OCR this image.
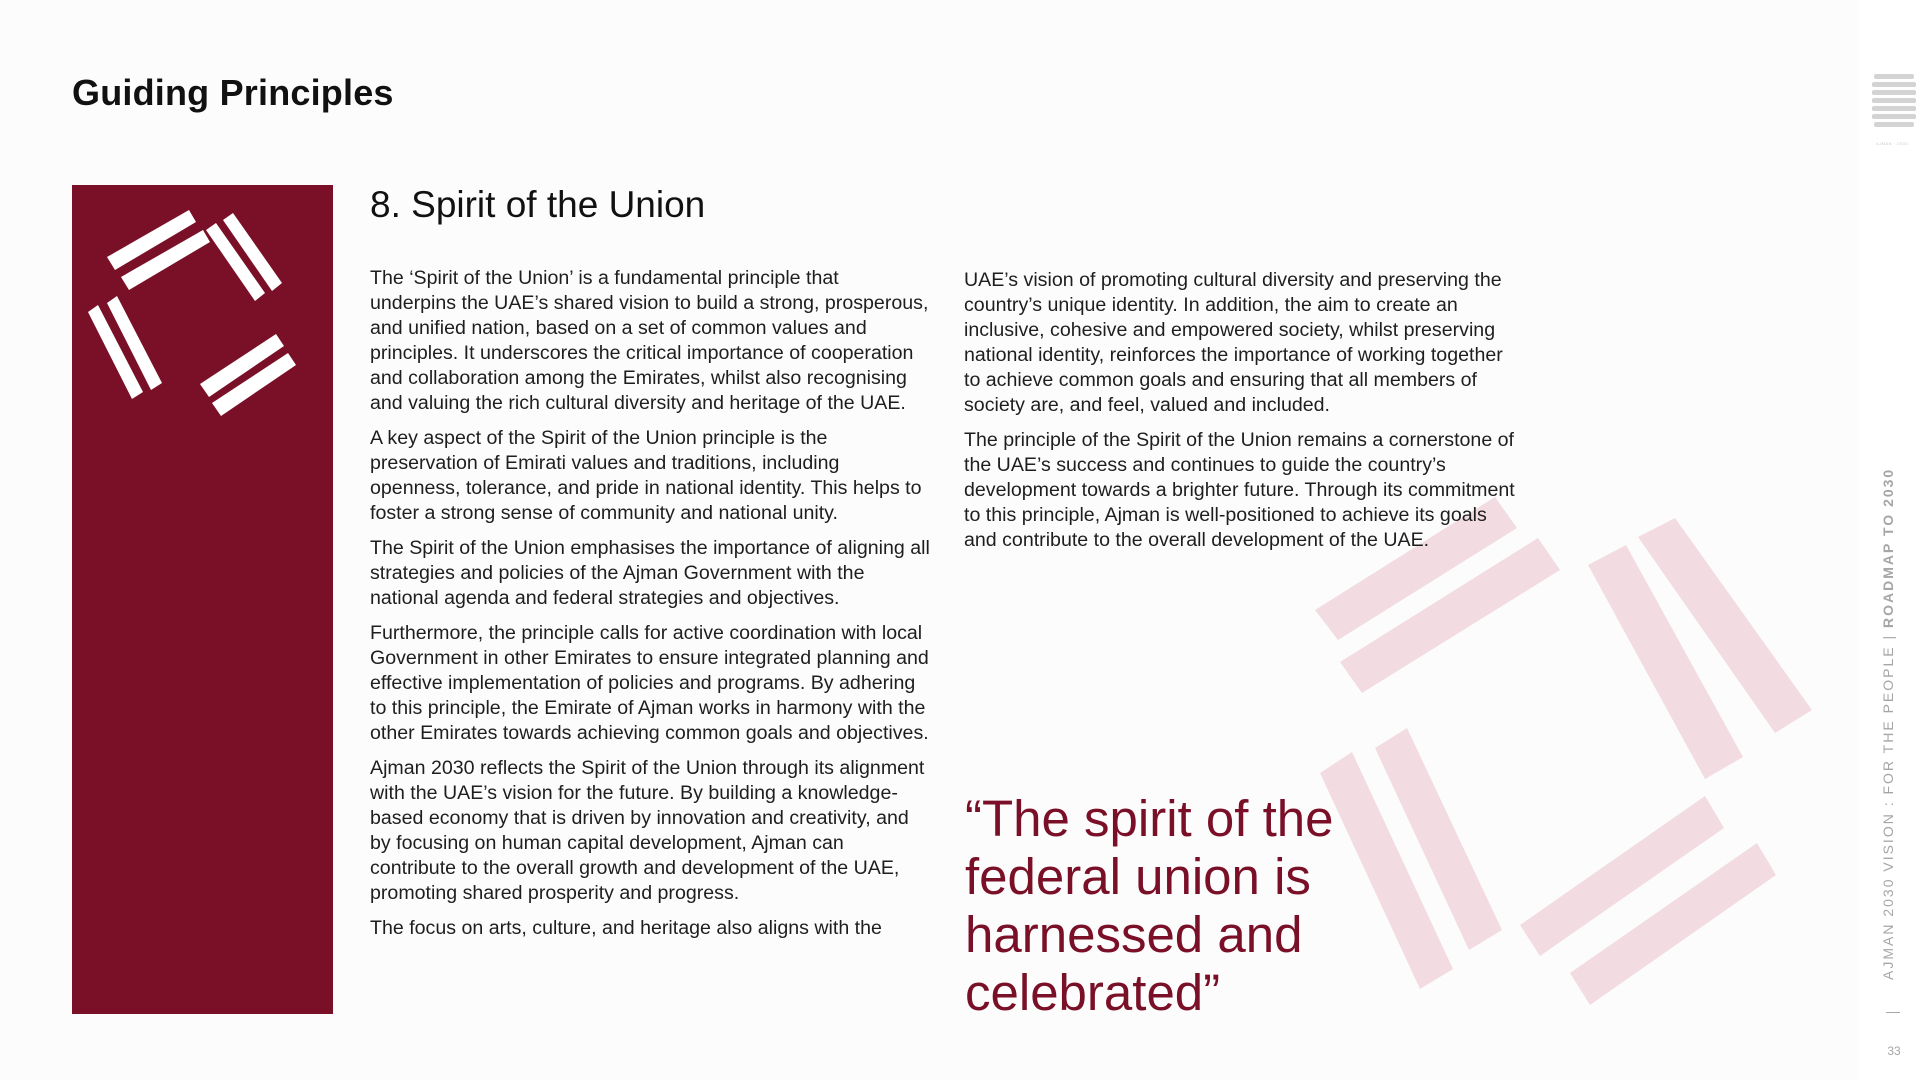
Guiding Principles
8. Spirit of the Union

The ‘Spirit of the Union’ is a fundamental principle that underpins the UAE’s shared vision to build a strong, prosperous, and unified nation, based on a set of common values and principles. It underscores the critical importance of cooperation and collaboration among the Emirates, whilst also recognising and valuing the rich cultural diversity and heritage of the UAE.

A key aspect of the Spirit of the Union principle is the preservation of Emirati values and traditions, including openness, tolerance, and pride in national identity. This helps to foster a strong sense of community and national unity.

The Spirit of the Union emphasises the importance of aligning all strategies and policies of the Ajman Government with the national agenda and federal strategies and objectives.

Furthermore, the principle calls for active coordination with local Government in other Emirates to ensure integrated planning and effective implementation of policies and programs. By adhering to this principle, the Emirate of Ajman works in harmony with the other Emirates towards achieving common goals and objectives.

Ajman 2030 reflects the Spirit of the Union through its alignment with the UAE’s vision for the future. By building a knowledge-based economy that is driven by innovation and creativity, and by focusing on human capital development, Ajman can contribute to the overall growth and development of the UAE, promoting shared prosperity and progress.

The focus on arts, culture, and heritage also aligns with the

UAE’s vision of promoting cultural diversity and preserving the country’s unique identity. In addition, the aim to create an inclusive, cohesive and empowered society, whilst preserving national identity, reinforces the importance of working together to achieve common goals and ensuring that all members of society are, and feel, valued and included.

The principle of the Spirit of the Union remains a cornerstone of the UAE’s success and continues to guide the country’s development towards a brighter future. Through its commitment to this principle, Ajman is well-positioned to achieve its goals and contribute to the overall development of the UAE.

“The spirit of the federal union is harnessed and celebrated”

AJMAN · 2030
AJMAN 2030 VISION : FOR THE PEOPLE | ROADMAP TO 2030
33
